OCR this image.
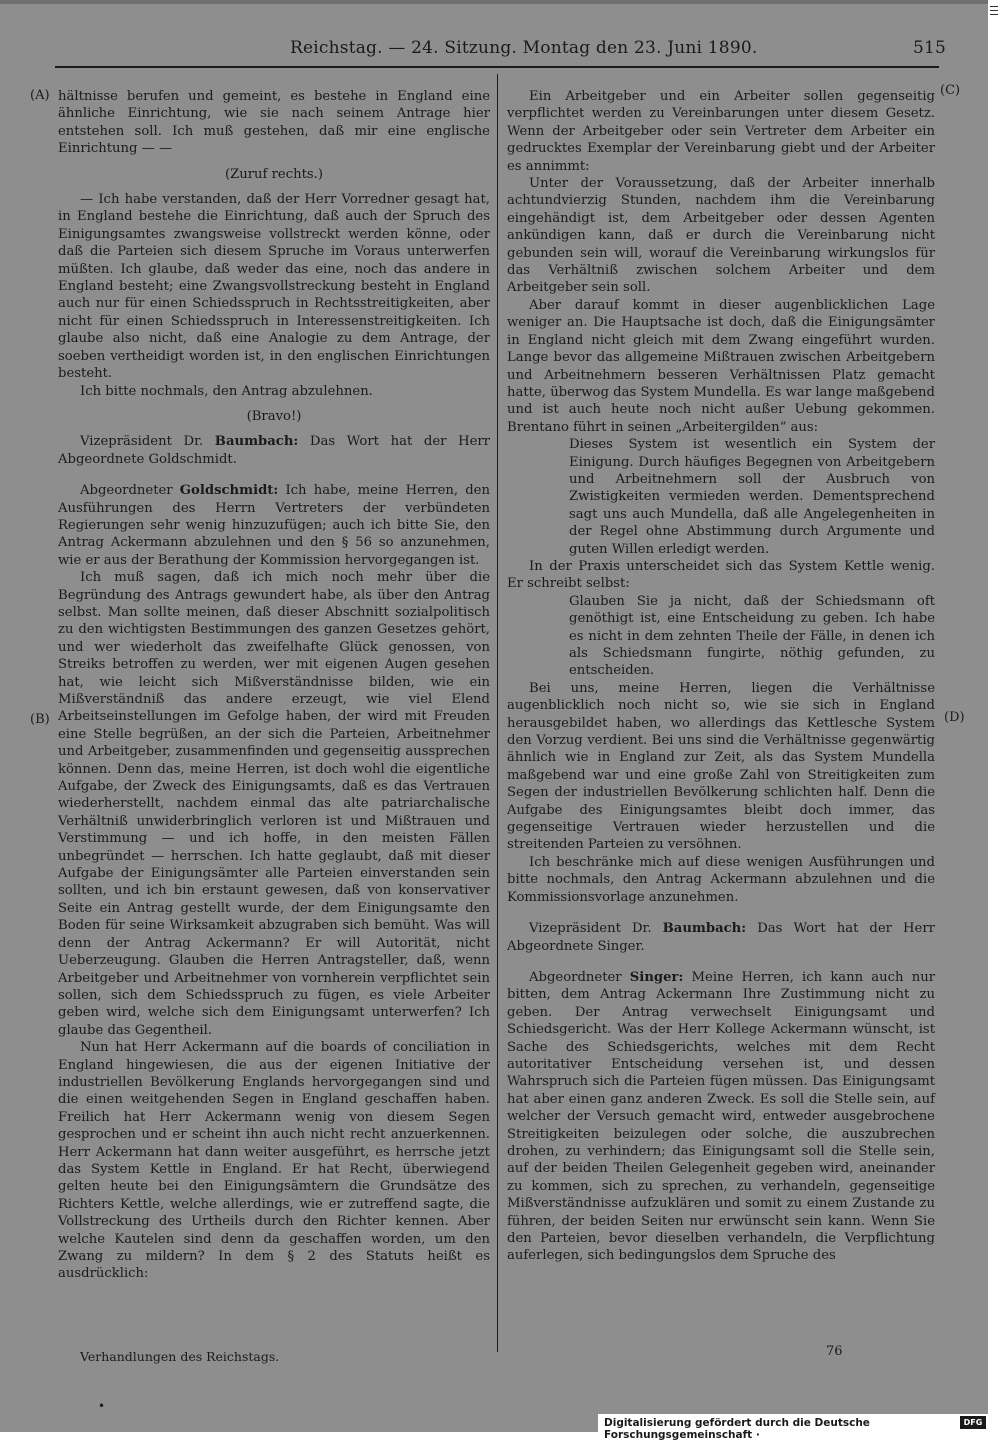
Reichstag. — 24. Sitzung. Montag den 23. Juni 1890.	515
(A)
(B)
(C)
(D)

hältnisse berufen und gemeint, es bestehe in England eine ähnliche Einrichtung, wie sie nach seinem Antrage hier entstehen soll. Ich muß gestehen, daß mir eine englische Einrichtung — —

(Zuruf rechts.)

— Ich habe verstanden, daß der Herr Vorredner gesagt hat, in England bestehe die Einrichtung, daß auch der Spruch des Einigungsamtes zwangsweise vollstreckt werden könne, oder daß die Parteien sich diesem Spruche im Voraus unterwerfen müßten. Ich glaube, daß weder das eine, noch das andere in England besteht; eine Zwangsvollstreckung besteht in England auch nur für einen Schiedsspruch in Rechtsstreitigkeiten, aber nicht für einen Schiedsspruch in Interessenstreitigkeiten. Ich glaube also nicht, daß eine Analogie zu dem Antrage, der soeben vertheidigt worden ist, in den englischen Einrichtungen besteht.

Ich bitte nochmals, den Antrag abzulehnen.

(Bravo!)

Vizepräsident Dr. Baumbach: Das Wort hat der Herr Abgeordnete Goldschmidt.

Abgeordneter Goldschmidt: Ich habe, meine Herren, den Ausführungen des Herrn Vertreters der verbündeten Regierungen sehr wenig hinzuzufügen; auch ich bitte Sie, den Antrag Ackermann abzulehnen und den § 56 so anzunehmen, wie er aus der Berathung der Kommission hervorgegangen ist.

Ich muß sagen, daß ich mich noch mehr über die Begründung des Antrags gewundert habe, als über den Antrag selbst. Man sollte meinen, daß dieser Abschnitt sozialpolitisch zu den wichtigsten Bestimmungen des ganzen Gesetzes gehört, und wer wiederholt das zweifelhafte Glück genossen, von Streiks betroffen zu werden, wer mit eigenen Augen gesehen hat, wie leicht sich Mißverständnisse bilden, wie ein Mißverständniß das andere erzeugt, wie viel Elend Arbeitseinstellungen im Gefolge haben, der wird mit Freuden eine Stelle begrüßen, an der sich die Parteien, Arbeitnehmer und Arbeitgeber, zusammenfinden und gegenseitig aussprechen können. Denn das, meine Herren, ist doch wohl die eigentliche Aufgabe, der Zweck des Einigungsamts, daß es das Vertrauen wiederherstellt, nachdem einmal das alte patriarchalische Verhältniß unwiderbringlich verloren ist und Mißtrauen und Verstimmung — und ich hoffe, in den meisten Fällen unbegründet — herrschen. Ich hatte geglaubt, daß mit dieser Aufgabe der Einigungsämter alle Parteien einverstanden sein sollten, und ich bin erstaunt gewesen, daß von konservativer Seite ein Antrag gestellt wurde, der dem Einigungsamte den Boden für seine Wirksamkeit abzugraben sich bemüht. Was will denn der Antrag Ackermann? Er will Autorität, nicht Ueberzeugung. Glauben die Herren Antragsteller, daß, wenn Arbeitgeber und Arbeitnehmer von vornherein verpflichtet sein sollen, sich dem Schiedsspruch zu fügen, es viele Arbeiter geben wird, welche sich dem Einigungsamt unterwerfen? Ich glaube das Gegentheil.

Nun hat Herr Ackermann auf die boards of conciliation in England hingewiesen, die aus der eigenen Initiative der industriellen Bevölkerung Englands hervorgegangen sind und die einen weitgehenden Segen in England geschaffen haben. Freilich hat Herr Ackermann wenig von diesem Segen gesprochen und er scheint ihn auch nicht recht anzuerkennen. Herr Ackermann hat dann weiter ausgeführt, es herrsche jetzt das System Kettle in England. Er hat Recht, überwiegend gelten heute bei den Einigungsämtern die Grundsätze des Richters Kettle, welche allerdings, wie er zutreffend sagte, die Vollstreckung des Urtheils durch den Richter kennen. Aber welche Kautelen sind denn da geschaffen worden, um den Zwang zu mildern? In dem § 2 des Statuts heißt es ausdrücklich:

Ein Arbeitgeber und ein Arbeiter sollen gegenseitig verpflichtet werden zu Vereinbarungen unter diesem Gesetz. Wenn der Arbeitgeber oder sein Vertreter dem Arbeiter ein gedrucktes Exemplar der Vereinbarung giebt und der Arbeiter es annimmt:

Unter der Voraussetzung, daß der Arbeiter innerhalb achtundvierzig Stunden, nachdem ihm die Vereinbarung eingehändigt ist, dem Arbeitgeber oder dessen Agenten ankündigen kann, daß er durch die Vereinbarung nicht gebunden sein will, worauf die Vereinbarung wirkungslos für das Verhältniß zwischen solchem Arbeiter und dem Arbeitgeber sein soll.

Aber darauf kommt in dieser augenblicklichen Lage weniger an. Die Hauptsache ist doch, daß die Einigungsämter in England nicht gleich mit dem Zwang eingeführt wurden. Lange bevor das allgemeine Mißtrauen zwischen Arbeitgebern und Arbeitnehmern besseren Verhältnissen Platz gemacht hatte, überwog das System Mundella. Es war lange maßgebend und ist auch heute noch nicht außer Uebung gekommen. Brentano führt in seinen „Arbeitergilden“ aus:

Dieses System ist wesentlich ein System der Einigung. Durch häufiges Begegnen von Arbeitgebern und Arbeitnehmern soll der Ausbruch von Zwistigkeiten vermieden werden. Dementsprechend sagt uns auch Mundella, daß alle Angelegenheiten in der Regel ohne Abstimmung durch Argumente und guten Willen erledigt werden.

In der Praxis unterscheidet sich das System Kettle wenig. Er schreibt selbst:

Glauben Sie ja nicht, daß der Schiedsmann oft genöthigt ist, eine Entscheidung zu geben. Ich habe es nicht in dem zehnten Theile der Fälle, in denen ich als Schiedsmann fungirte, nöthig gefunden, zu entscheiden.

Bei uns, meine Herren, liegen die Verhältnisse augenblicklich noch nicht so, wie sie sich in England herausgebildet haben, wo allerdings das Kettlesche System den Vorzug verdient. Bei uns sind die Verhältnisse gegenwärtig ähnlich wie in England zur Zeit, als das System Mundella maßgebend war und eine große Zahl von Streitigkeiten zum Segen der industriellen Bevölkerung schlichten half. Denn die Aufgabe des Einigungsamtes bleibt doch immer, das gegenseitige Vertrauen wieder herzustellen und die streitenden Parteien zu versöhnen.

Ich beschränke mich auf diese wenigen Ausführungen und bitte nochmals, den Antrag Ackermann abzulehnen und die Kommissionsvorlage anzunehmen.

Vizepräsident Dr. Baumbach: Das Wort hat der Herr Abgeordnete Singer.

Abgeordneter Singer: Meine Herren, ich kann auch nur bitten, dem Antrag Ackermann Ihre Zustimmung nicht zu geben. Der Antrag verwechselt Einigungsamt und Schiedsgericht. Was der Herr Kollege Ackermann wünscht, ist Sache des Schiedsgerichts, welches mit dem Recht autoritativer Entscheidung versehen ist, und dessen Wahrspruch sich die Parteien fügen müssen. Das Einigungsamt hat aber einen ganz anderen Zweck. Es soll die Stelle sein, auf welcher der Versuch gemacht wird, entweder ausgebrochene Streitigkeiten beizulegen oder solche, die auszubrechen drohen, zu verhindern; das Einigungsamt soll die Stelle sein, auf der beiden Theilen Gelegenheit gegeben wird, aneinander zu kommen, sich zu sprechen, zu verhandeln, gegenseitige Mißverständnisse aufzuklären und somit zu einem Zustande zu führen, der beiden Seiten nur erwünscht sein kann. Wenn Sie den Parteien, bevor dieselben verhandeln, die Verpflichtung auferlegen, sich bedingungslos dem Spruche des

Verhandlungen des Reichstags.	76
•
Digitalisierung gefördert durch die Deutsche Forschungsgemeinschaft ·
DFG
